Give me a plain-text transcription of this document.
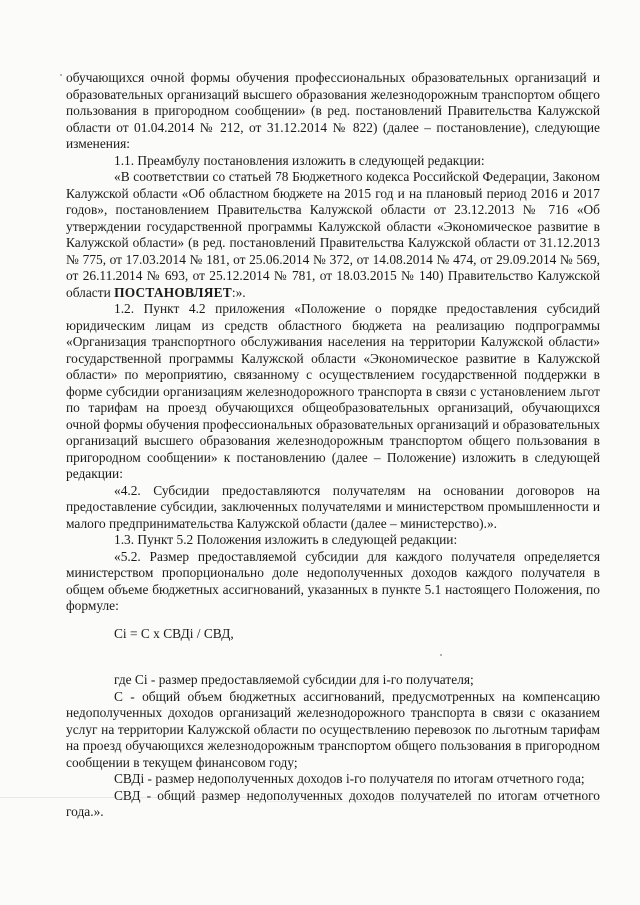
обучающихся очной формы обучения профессиональных образовательных организаций и образовательных организаций высшего образования железнодорожным транспортом общего пользования в пригородном сообщении» (в ред. постановлений Правительства Калужской области от 01.04.2014 № 212, от 31.12.2014 № 822) (далее – постановление), следующие изменения:

1.1. Преамбулу постановления изложить в следующей редакции:

«В соответствии со статьей 78 Бюджетного кодекса Российской Федерации, Законом Калужской области «Об областном бюджете на 2015 год и на плановый период 2016 и 2017 годов», постановлением Правительства Калужской области от 23.12.2013 № 716 «Об утверждении государственной программы Калужской области «Экономическое развитие в Калужской области» (в ред. постановлений Правительства Калужской области от 31.12.2013 № 775, от 17.03.2014 № 181, от 25.06.2014 № 372, от 14.08.2014 № 474, от 29.09.2014 № 569, от 26.11.2014 № 693, от 25.12.2014 № 781, от 18.03.2015 № 140) Правительство Калужской области ПОСТАНОВЛЯЕТ:».

1.2. Пункт 4.2 приложения «Положение о порядке предоставления субсидий юридическим лицам из средств областного бюджета на реализацию подпрограммы «Организация транспортного обслуживания населения на территории Калужской области» государственной программы Калужской области «Экономическое развитие в Калужской области» по мероприятию, связанному с осуществлением государственной поддержки в форме субсидии организациям железнодорожного транспорта в связи с установлением льгот по тарифам на проезд обучающихся общеобразовательных организаций, обучающихся очной формы обучения профессиональных образовательных организаций и образовательных организаций высшего образования железнодорожным транспортом общего пользования в пригородном сообщении» к постановлению (далее – Положение) изложить в следующей редакции:

«4.2. Субсидии предоставляются получателям на основании договоров на предоставление субсидии, заключенных получателями и министерством промышленности и малого предпринимательства Калужской области (далее – министерство).».

1.3. Пункт 5.2 Положения изложить в следующей редакции:

«5.2. Размер предоставляемой субсидии для каждого получателя определяется министерством пропорционально доле недополученных доходов каждого получателя в общем объеме бюджетных ассигнований, указанных в пункте 5.1 настоящего Положения, по формуле:

Ci = C x СВДi / СВД,

где Ci - размер предоставляемой субсидии для i-го получателя;

С - общий объем бюджетных ассигнований, предусмотренных на компенсацию недополученных доходов организаций железнодорожного транспорта в связи с оказанием услуг на территории Калужской области по осуществлению перевозок по льготным тарифам на проезд обучающихся железнодорожным транспортом общего пользования в пригородном сообщении в текущем финансовом году;

СВДi - размер недополученных доходов i-го получателя по итогам отчетного года;

СВД - общий размер недополученных доходов получателей по итогам отчетного года.».
